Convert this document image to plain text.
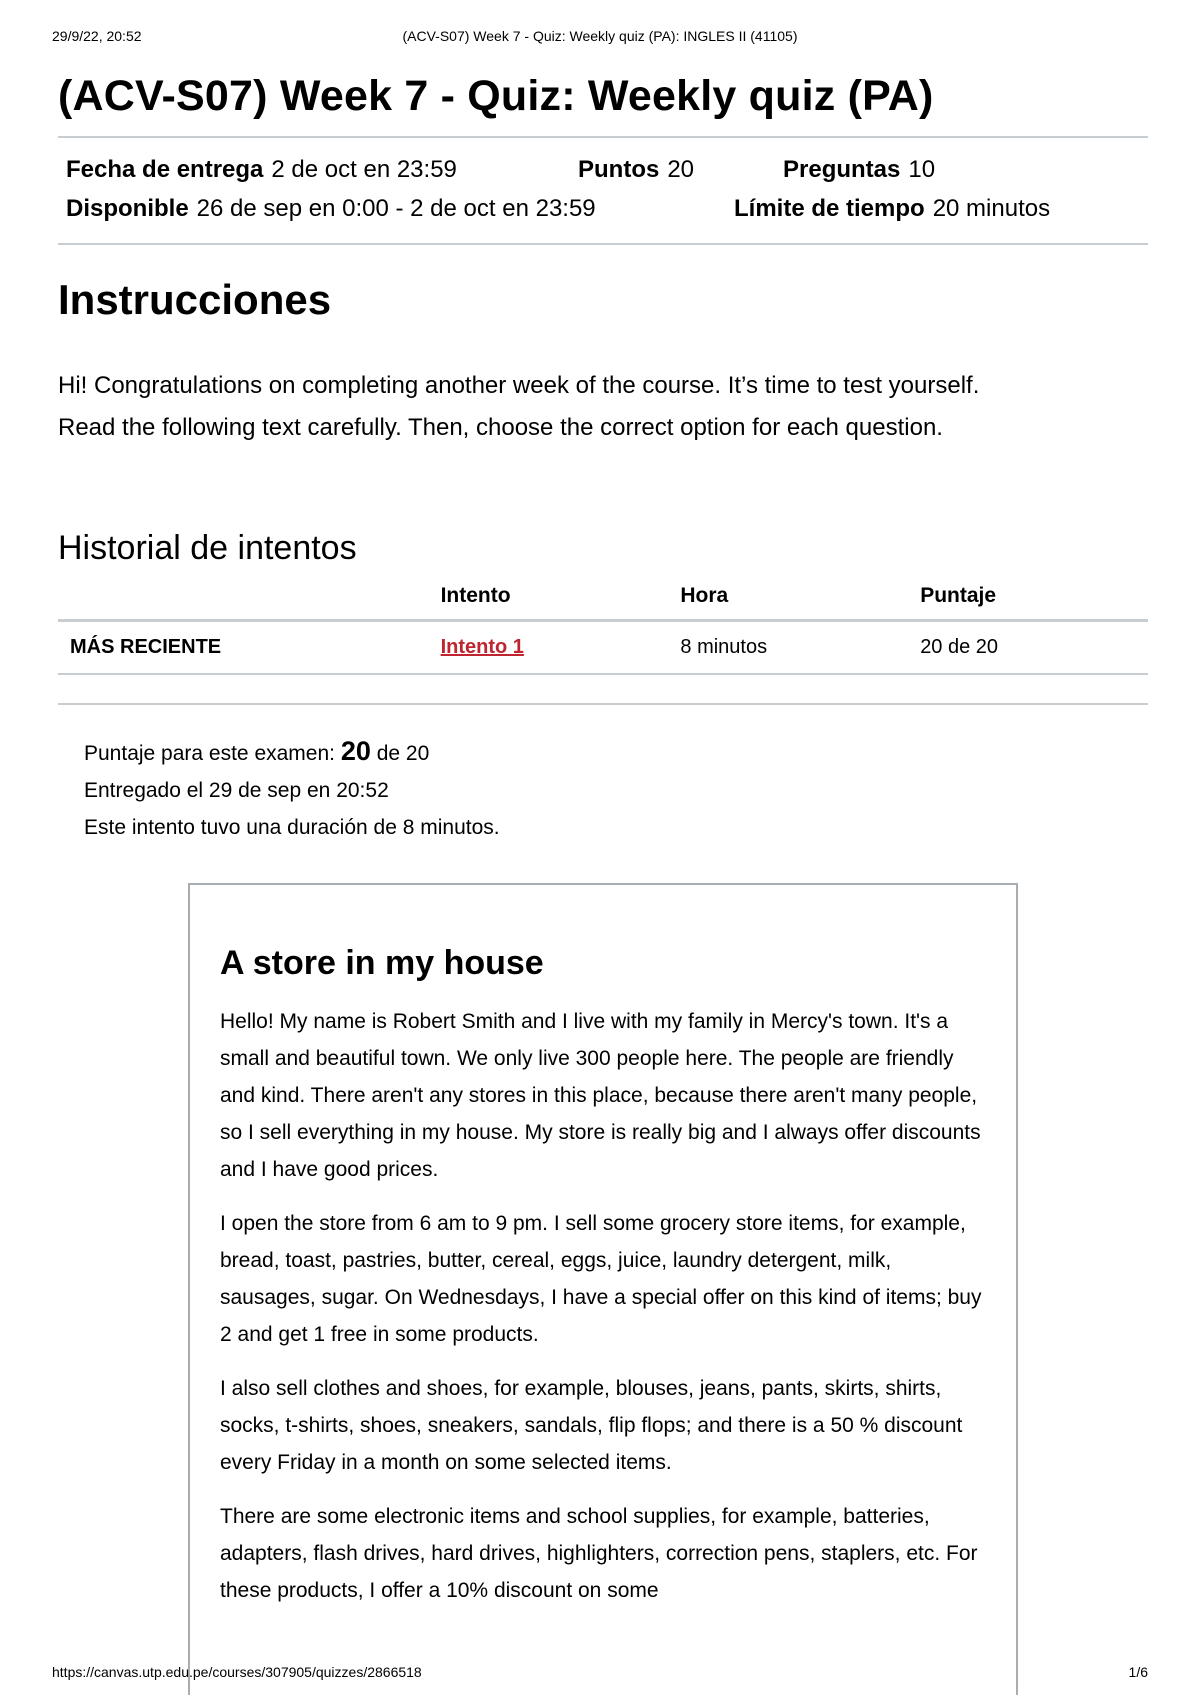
29/9/22, 20:52	(ACV-S07) Week 7 - Quiz: Weekly quiz (PA): INGLES II (41105)
(ACV-S07) Week 7 - Quiz: Weekly quiz (PA)
Fecha de entrega 2 de oct en 23:59	Puntos 20	Preguntas 10
Disponible 26 de sep en 0:00 - 2 de oct en 23:59	Límite de tiempo 20 minutos
Instrucciones
Hi! Congratulations on completing another week of the course. It’s time to test yourself.
Read the following text carefully. Then, choose the correct option for each question.
Historial de intentos
	Intento	Hora	Puntaje
MÁS RECIENTE	Intento 1	8 minutos	20 de 20
Puntaje para este examen: 20 de 20
Entregado el 29 de sep en 20:52
Este intento tuvo una duración de 8 minutos.
A store in my house

Hello! My name is Robert Smith and I live with my family in Mercy's town. It's a small and beautiful town. We only live 300 people here. The people are friendly and kind. There aren't any stores in this place, because there aren't many people, so I sell everything in my house. My store is really big and I always offer discounts and I have good prices.

I open the store from 6 am to 9 pm. I sell some grocery store items, for example, bread, toast, pastries, butter, cereal, eggs, juice, laundry detergent, milk, sausages, sugar. On Wednesdays, I have a special offer on this kind of items; buy 2 and get 1 free in some products.

I also sell clothes and shoes, for example, blouses, jeans, pants, skirts, shirts, socks, t-shirts, shoes, sneakers, sandals, flip flops; and there is a 50 % discount every Friday in a month on some selected items.

There are some electronic items and school supplies, for example, batteries, adapters, flash drives, hard drives, highlighters, correction pens, staplers, etc. For these products, I offer a 10% discount on some

https://canvas.utp.edu.pe/courses/307905/quizzes/2866518	1/6
